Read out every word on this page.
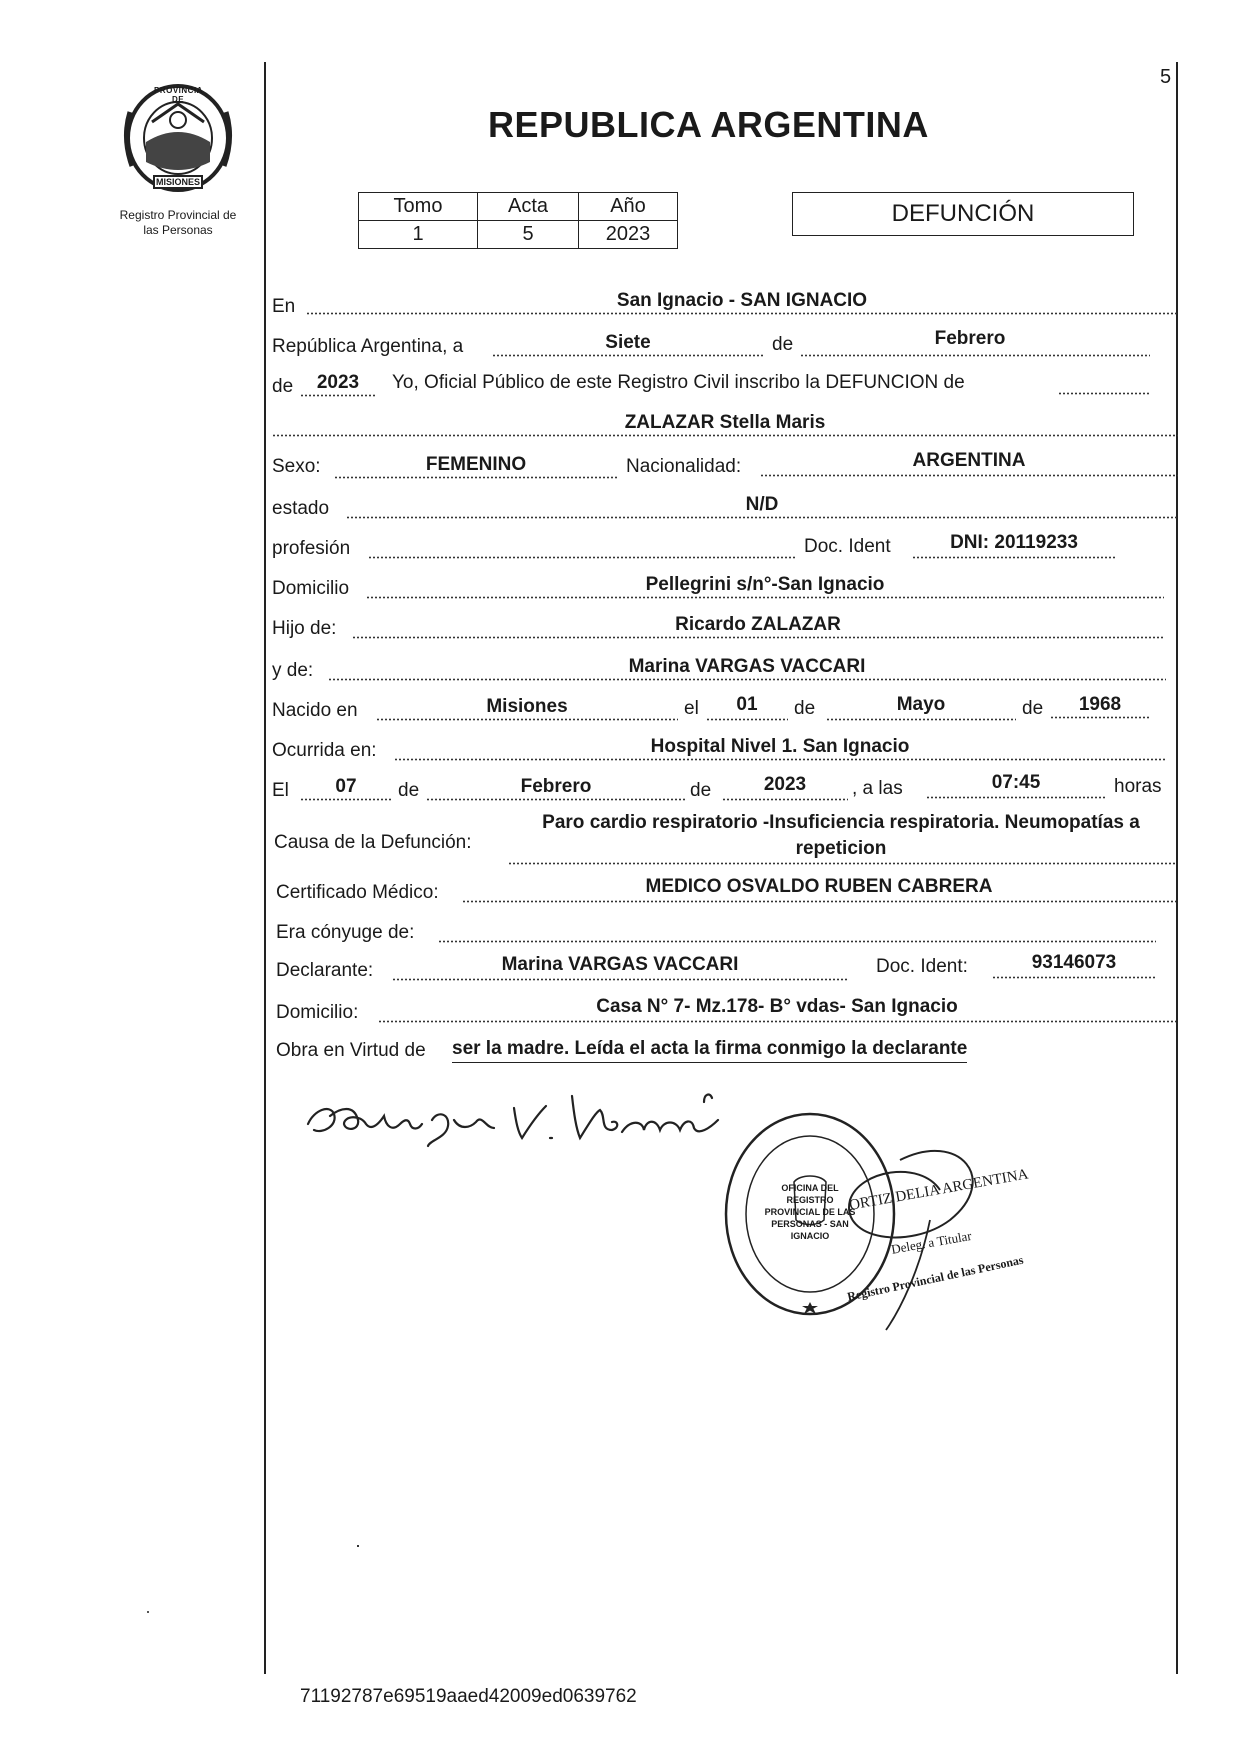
5
PROVINCIA DE
MISIONES
Registro Provincial de
las Personas
REPUBLICA ARGENTINA
Tomo	Acta	Año
1	5	2023
DEFUNCIÓN
En	San Ignacio - SAN IGNACIO
República Argentina, a	Siete	de	Febrero
de	2023	Yo, Oficial Público de este Registro Civil inscribo la DEFUNCION de
ZALAZAR Stella Maris
Sexo:	FEMENINO	Nacionalidad:	ARGENTINA
estado	N/D
profesión	Doc. Ident	DNI: 20119233
Domicilio	Pellegrini s/n°-San Ignacio
Hijo de:	Ricardo ZALAZAR
y de:	Marina VARGAS VACCARI
Nacido en	Misiones	el	01	de	Mayo	de	1968
Ocurrida en:	Hospital Nivel 1. San Ignacio
El	07	de	Febrero	de	2023	, a las	07:45	horas
Causa de la Defunción:
Paro cardio respiratorio -Insuficiencia respiratoria. Neumopatías a
repeticion
Certificado Médico:	MEDICO OSVALDO RUBEN CABRERA
Era cónyuge de:
Declarante:	Marina VARGAS VACCARI	Doc. Ident:	93146073
Domicilio:	Casa N° 7- Mz.178- B° vdas- San Ignacio
Obra en Virtud de ser la madre. Leída el acta la firma conmigo la declarante
OFICINA DEL REGISTRO PROVINCIAL DE LAS PERSONAS - SAN IGNACIO
ORTIZ DELIA ARGENTINA
Deleg. a Titular
Registro Provincial de las Personas
71192787e69519aaed42009ed0639762
